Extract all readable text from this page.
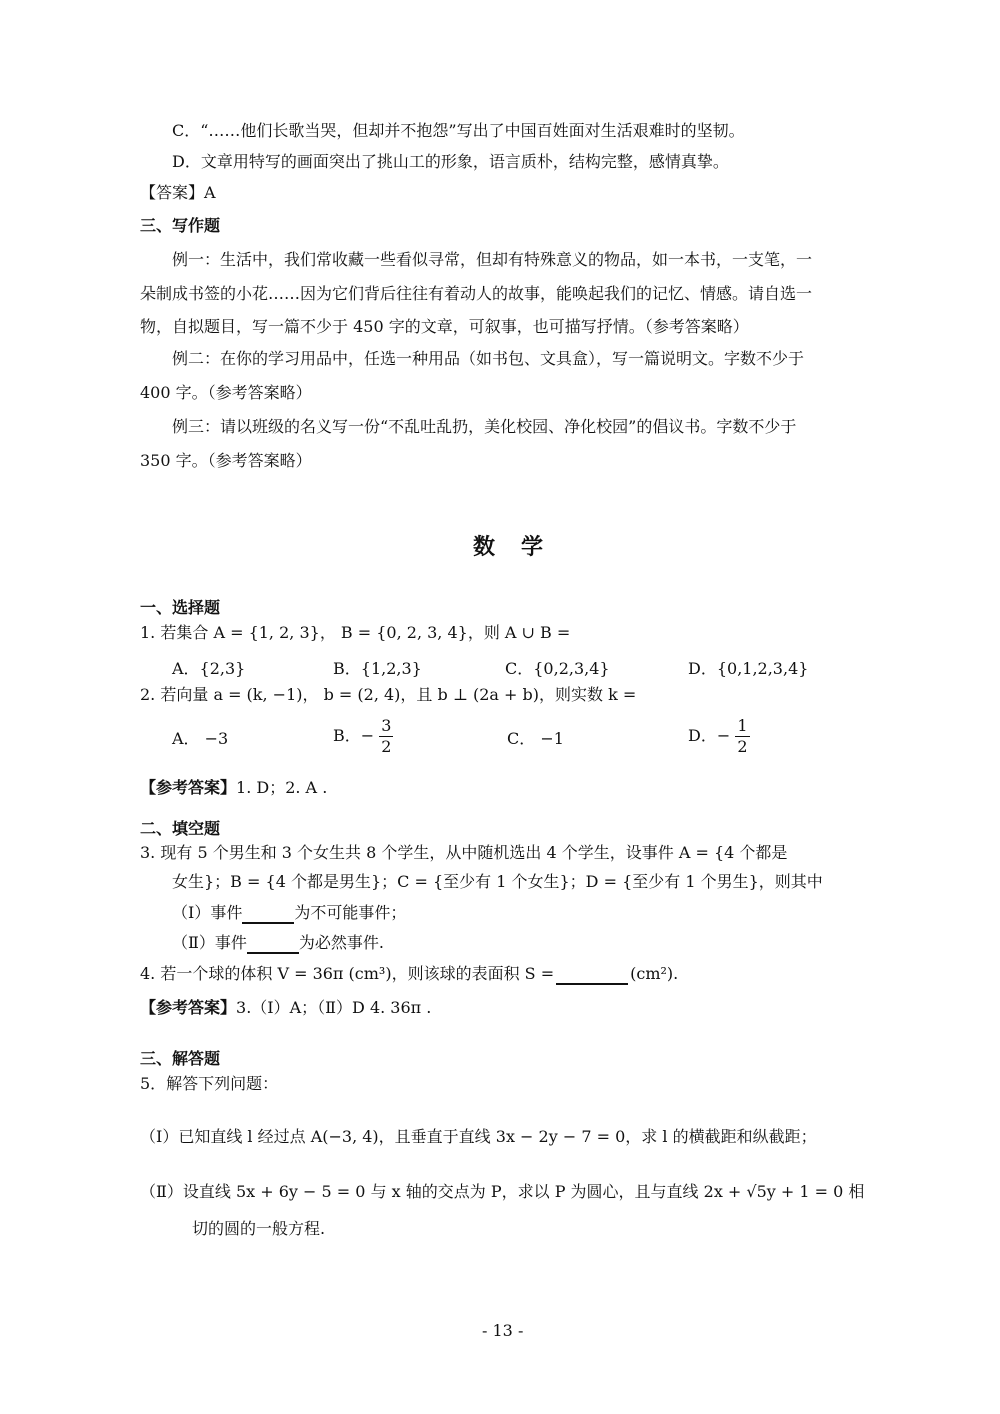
C．“……他们长歌当哭，但却并不抱怨”写出了中国百姓面对生活艰难时的坚韧。
D．文章用特写的画面突出了挑山工的形象，语言质朴，结构完整，感情真挚。
【答案】A
三、写作题
例一：生活中，我们常收藏一些看似寻常，但却有特殊意义的物品，如一本书，一支笔，一
朵制成书签的小花……因为它们背后往往有着动人的故事，能唤起我们的记忆、情感。请自选一
物，自拟题目，写一篇不少于 450 字的文章，可叙事，也可描写抒情。（参考答案略）
例二：在你的学习用品中，任选一种用品（如书包、文具盒），写一篇说明文。字数不少于
400 字。（参考答案略）
例三：请以班级的名义写一份“不乱吐乱扔，美化校园、净化校园”的倡议书。字数不少于
350 字。（参考答案略）
数学
一、选择题
1. 若集合 A = {1, 2, 3}， B = {0, 2, 3, 4}，则 A ∪ B =
A．{2,3}	B．{1,2,3}	C．{0,2,3,4}	D．{0,1,2,3,4}
2. 若向量 a = (k, −1)， b = (2, 4)，且 b ⊥ (2a + b)，则实数 k =
A． −3	B．− $\frac{3}{2}$	C． −1	D．− $\frac{1}{2}$
【参考答案】1. D；2. A .
二、填空题
3. 现有 5 个男生和 3 个女生共 8 个学生，从中随机选出 4 个学生，设事件 A = {4 个都是
女生}；B = {4 个都是男生}；C = {至少有 1 个女生}；D = {至少有 1 个男生}，则其中
（Ⅰ）事件	为不可能事件；
（Ⅱ）事件	为必然事件.
4. 若一个球的体积 V = 36π (cm³)，则该球的表面积 S =	(cm²).
【参考答案】3.（Ⅰ）A；（Ⅱ）D 4. 36π .
三、解答题
5．解答下列问题：
（Ⅰ）已知直线 l 经过点 A(−3, 4)，且垂直于直线 3x − 2y − 7 = 0，求 l 的横截距和纵截距；
（Ⅱ）设直线 5x + 6y − 5 = 0 与 x 轴的交点为 P，求以 P 为圆心，且与直线 2x + √5y + 1 = 0 相
切的圆的一般方程.
- 13 -
